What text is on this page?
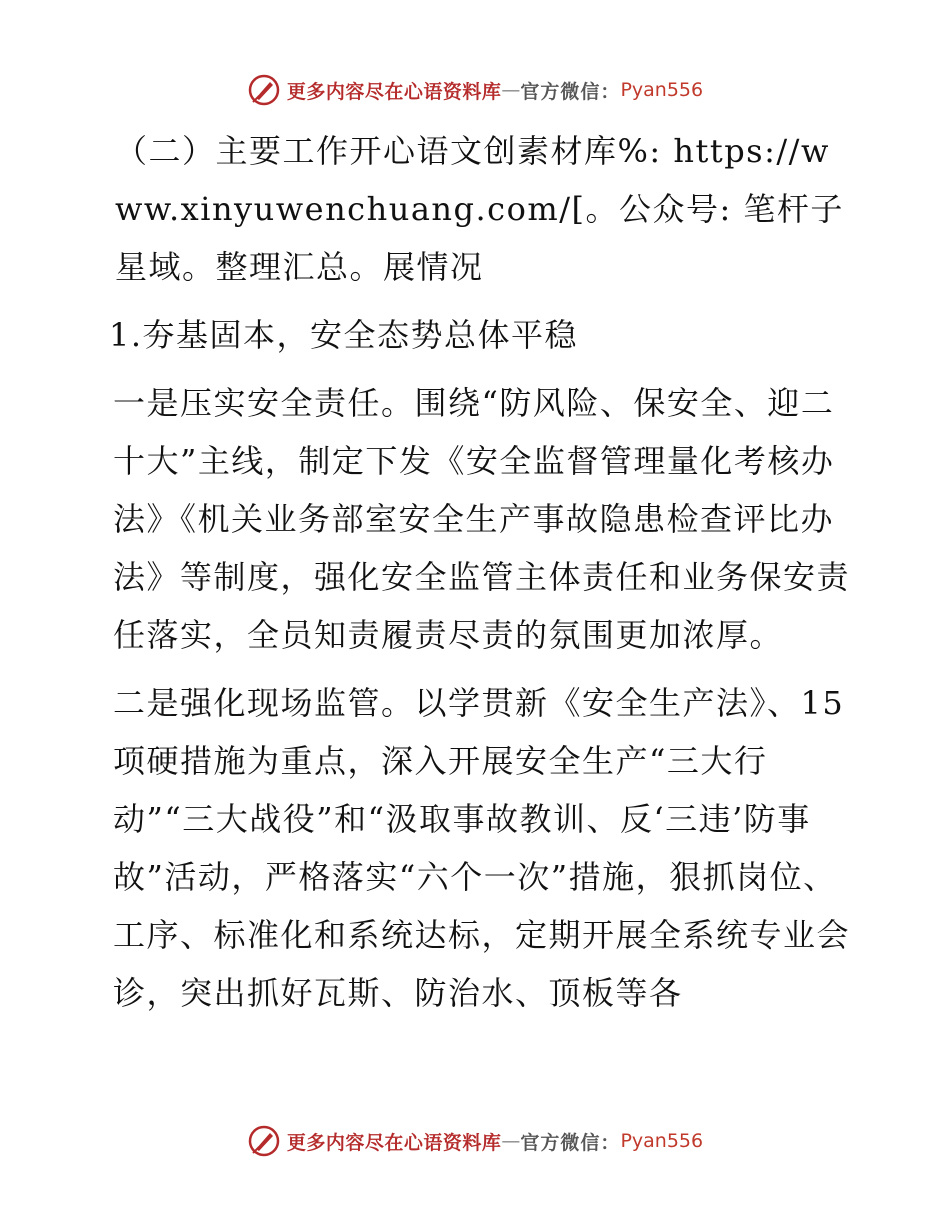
更多内容尽在心语资料库 — 官方微信： Pyan556

（二）主要工作开心语文创素材库%: https://www.xinyuwenchuang.com/[。公众号: 笔杆子星域。整理汇总。展情况

1.夯基固本，安全态势总体平稳

一是压实安全责任。围绕“防风险、保安全、迎二十大”主线，制定下发《安全监督管理量化考核办法》《机关业务部室安全生产事故隐患检查评比办法》等制度，强化安全监管主体责任和业务保安责任落实，全员知责履责尽责的氛围更加浓厚。

二是强化现场监管。以学贯新《安全生产法》、15项硬措施为重点，深入开展安全生产“三大行动”“三大战役”和“汲取事故教训、反‘三违’防事故”活动，严格落实“六个一次”措施，狠抓岗位、工序、标准化和系统达标，定期开展全系统专业会诊，突出抓好瓦斯、防治水、顶板等各

更多内容尽在心语资料库 — 官方微信： Pyan556
